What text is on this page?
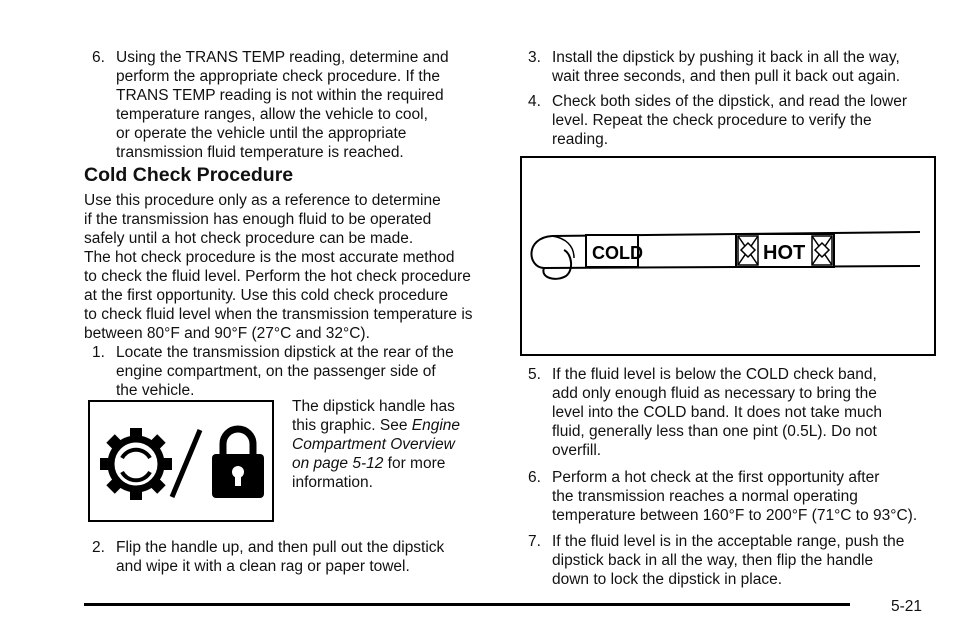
6. Using the TRANS TEMP reading, determine and

perform the appropriate check procedure. If the

TRANS TEMP reading is not within the required

temperature ranges, allow the vehicle to cool,

or operate the vehicle until the appropriate

transmission fluid temperature is reached.

Cold Check Procedure

Use this procedure only as a reference to determine

if the transmission has enough fluid to be operated

safely until a hot check procedure can be made.

The hot check procedure is the most accurate method

to check the fluid level. Perform the hot check procedure

at the first opportunity. Use this cold check procedure

to check fluid level when the transmission temperature is

between 80°F and 90°F (27°C and 32°C).

1. Locate the transmission dipstick at the rear of the

engine compartment, on the passenger side of

the vehicle.

The dipstick handle has

this graphic. See Engine

Compartment Overview

on page 5-12 for more

information.

2. Flip the handle up, and then pull out the dipstick

and wipe it with a clean rag or paper towel.

3. Install the dipstick by pushing it back in all the way,

wait three seconds, and then pull it back out again.

4. Check both sides of the dipstick, and read the lower

level. Repeat the check procedure to verify the

reading.

COLD	HOT
5. If the fluid level is below the COLD check band,

add only enough fluid as necessary to bring the

level into the COLD band. It does not take much

fluid, generally less than one pint (0.5L). Do not

overfill.

6. Perform a hot check at the first opportunity after

the transmission reaches a normal operating

temperature between 160°F to 200°F (71°C to 93°C).

7. If the fluid level is in the acceptable range, push the

dipstick back in all the way, then flip the handle

down to lock the dipstick in place.

5-21
